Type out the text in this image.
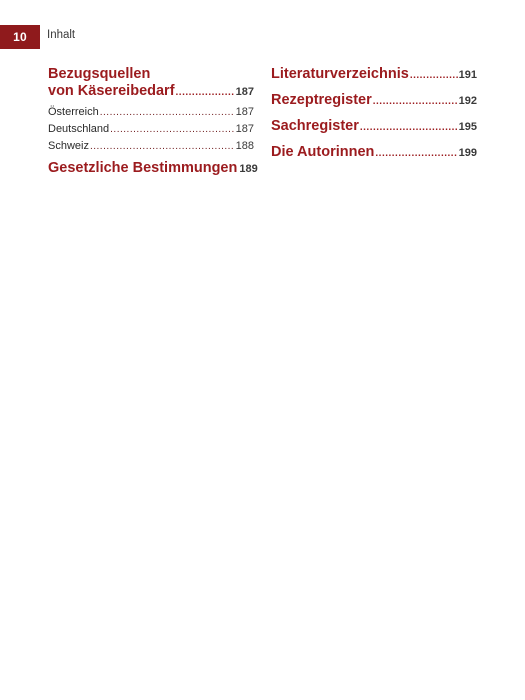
10 Inhalt
Bezugsquellen
von Käsereibedarf .....	187
Österreich .....	187
Deutschland .....	187
Schweiz .....	188
Gesetzliche Bestimmungen 189
Literaturverzeichnis .....	191
Rezeptregister .....	192
Sachregister .....	195
Die Autorinnen .....	199
